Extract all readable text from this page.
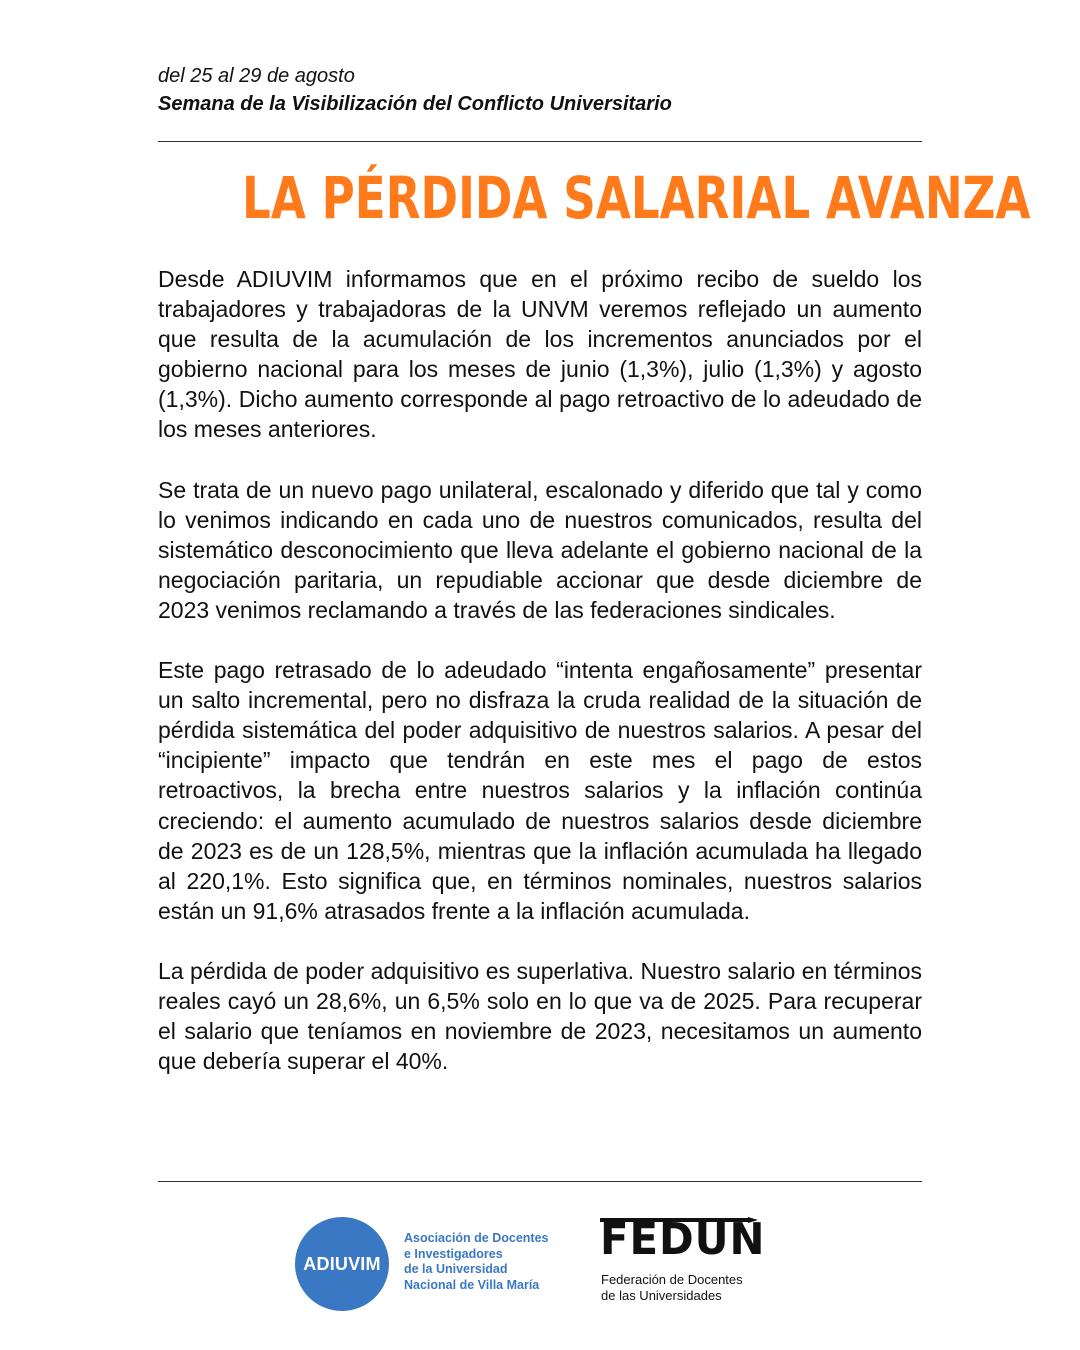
del 25 al 29 de agosto
Semana de la Visibilización del Conflicto Universitario
LA PÉRDIDA SALARIAL AVANZA

Desde ADIUVIM informamos que en el próximo recibo de sueldo los trabajadores y trabajadoras de la UNVM veremos reflejado un aumento que resulta de la acumulación de los incrementos anunciados por el gobierno nacional para los meses de junio (1,3%), julio (1,3%) y agosto (1,3%). Dicho aumento corresponde al pago retroactivo de lo adeudado de los meses anteriores.

Se trata de un nuevo pago unilateral, escalonado y diferido que tal y como lo venimos indicando en cada uno de nuestros comunicados, resulta del sistemático desconocimiento que lleva adelante el gobierno nacional de la negociación paritaria, un repudiable accionar que desde diciembre de 2023 venimos reclamando a través de las federaciones sindicales.

Este pago retrasado de lo adeudado “intenta engañosamente” presentar un salto incremental, pero no disfraza la cruda realidad de la situación de pérdida sistemática del poder adquisitivo de nuestros salarios. A pesar del “incipiente” impacto que tendrán en este mes el pago de estos retroactivos, la brecha entre nuestros salarios y la inflación continúa creciendo: el aumento acumulado de nuestros salarios desde diciembre de 2023 es de un 128,5%, mientras que la inflación acumulada ha llegado al 220,1%. Esto significa que, en términos nominales, nuestros salarios están un 91,6% atrasados frente a la inflación acumulada.

La pérdida de poder adquisitivo es superlativa. Nuestro salario en términos reales cayó un 28,6%, un 6,5% solo en lo que va de 2025. Para recuperar el salario que teníamos en noviembre de 2023, necesitamos un aumento que debería superar el 40%.

ADIUVIM
Asociación de Docentes
e Investigadores
de la Universidad
Nacional de Villa María
FEDUN
Federación de Docentes
de las Universidades
